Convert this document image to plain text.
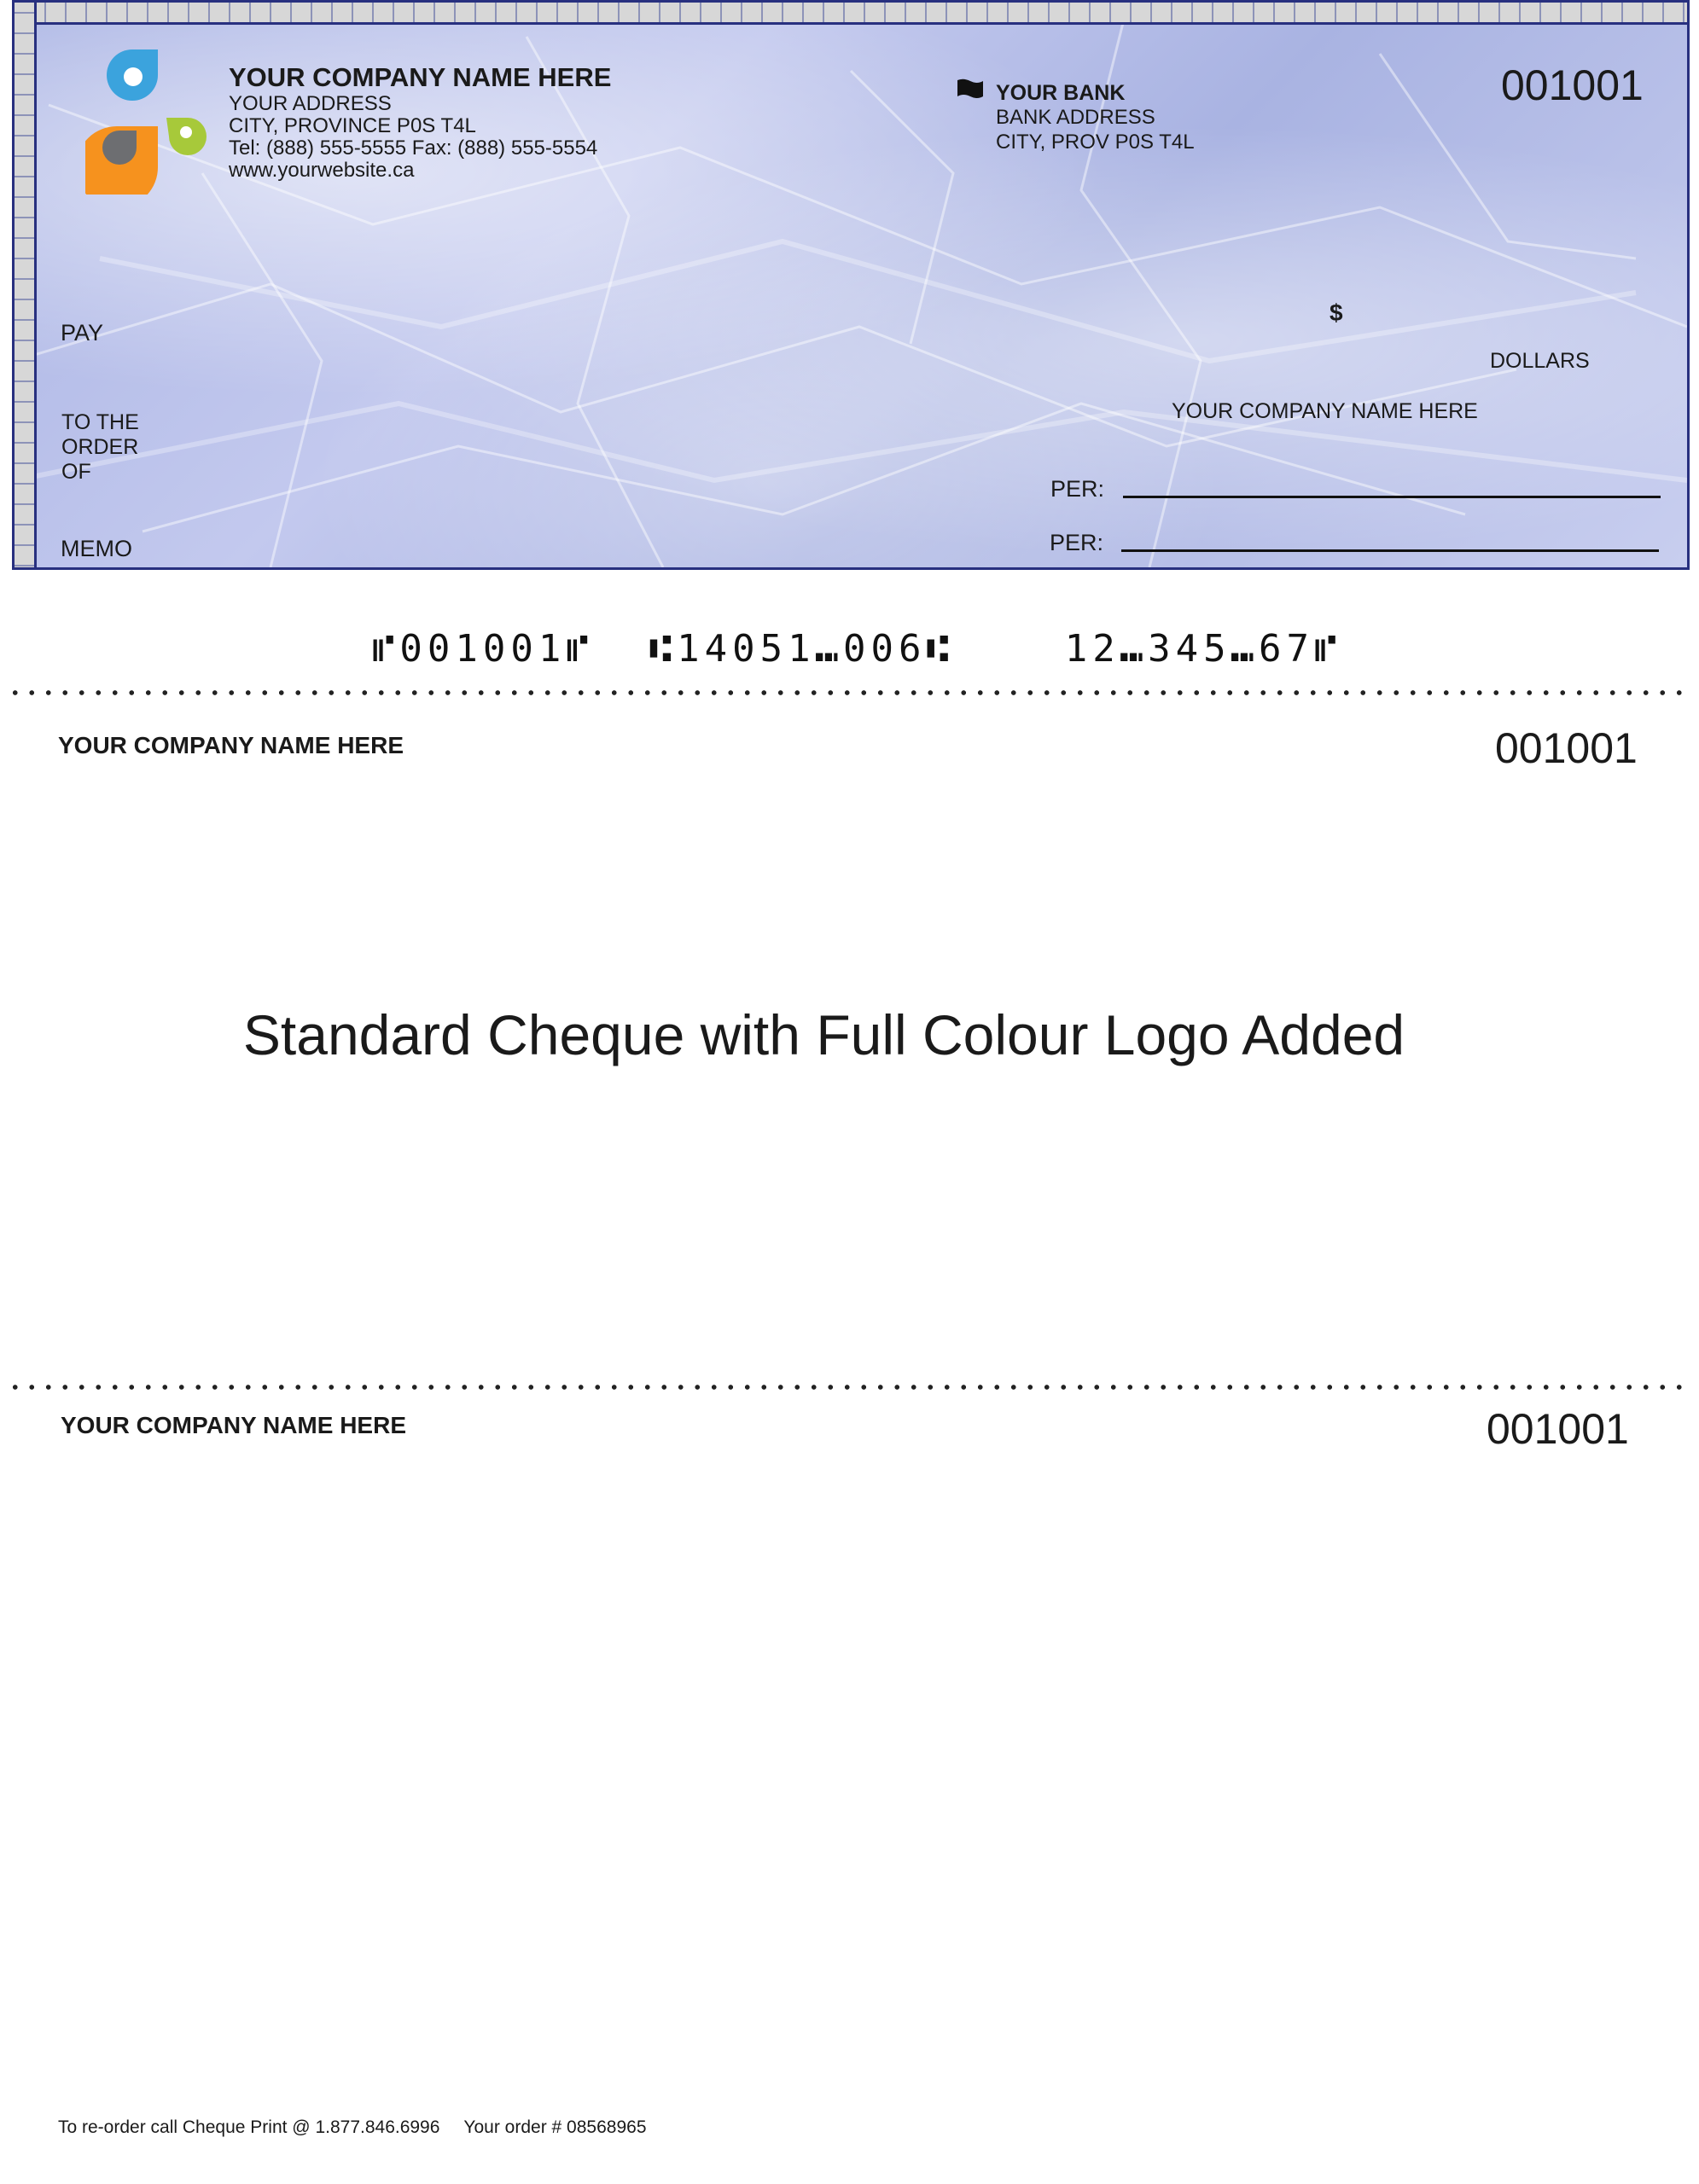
YOUR COMPANY NAME HERE
YOUR ADDRESS
CITY, PROVINCE P0S T4L
Tel: (888) 555-5555 Fax: (888) 555-5554
www.yourwebsite.ca
YOUR BANK
BANK ADDRESS
CITY, PROV P0S T4L
001001
PAY
$
DOLLARS
TO THE
ORDER
OF
YOUR COMPANY NAME HERE
PER:
PER:
MEMO
⑈001001⑈  ⑆14051⑉006⑆    12⑉345⑉67⑈
YOUR COMPANY NAME HERE	001001
Standard Cheque with Full Colour Logo Added
YOUR COMPANY NAME HERE	001001
To re-order call Cheque Print @ 1.877.846.6996 Your order # 08568965
